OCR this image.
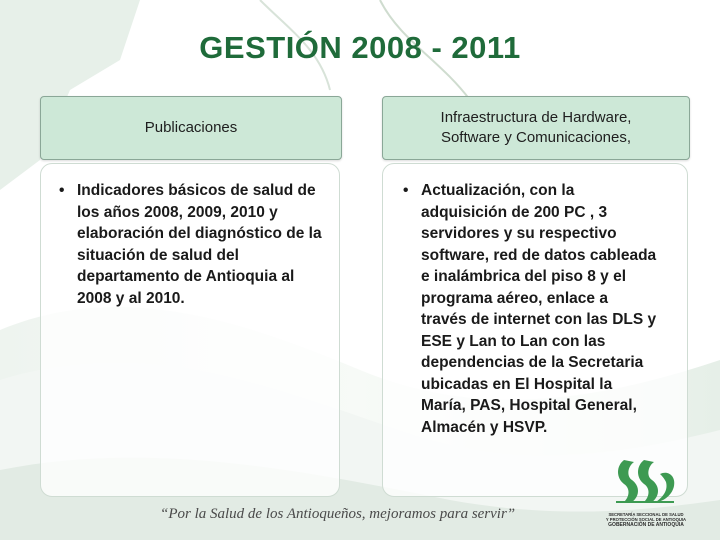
GESTIÓN 2008 - 2011
Publicaciones
• Indicadores básicos de salud de los años 2008, 2009, 2010 y elaboración del diagnóstico de la situación de salud del departamento de Antioquia al 2008 y al 2010.
Infraestructura de Hardware,
Software y Comunicaciones,
• Actualización, con la adquisición de 200 PC , 3 servidores y su respectivo software, red de datos cableada e inalámbrica del piso 8 y el programa aéreo, enlace a través de internet con las DLS y ESE y Lan to Lan con las dependencias de la Secretaria ubicadas en El Hospital la María, PAS, Hospital General, Almacén y HSVP.
“Por la Salud de los Antioqueños, mejoramos para servir”	SECRETARÍA SECCIONAL DE SALUD
Y PROTECCIÓN SOCIAL DE ANTIOQUIA
GOBERNACIÓN DE ANTIOQUIA
